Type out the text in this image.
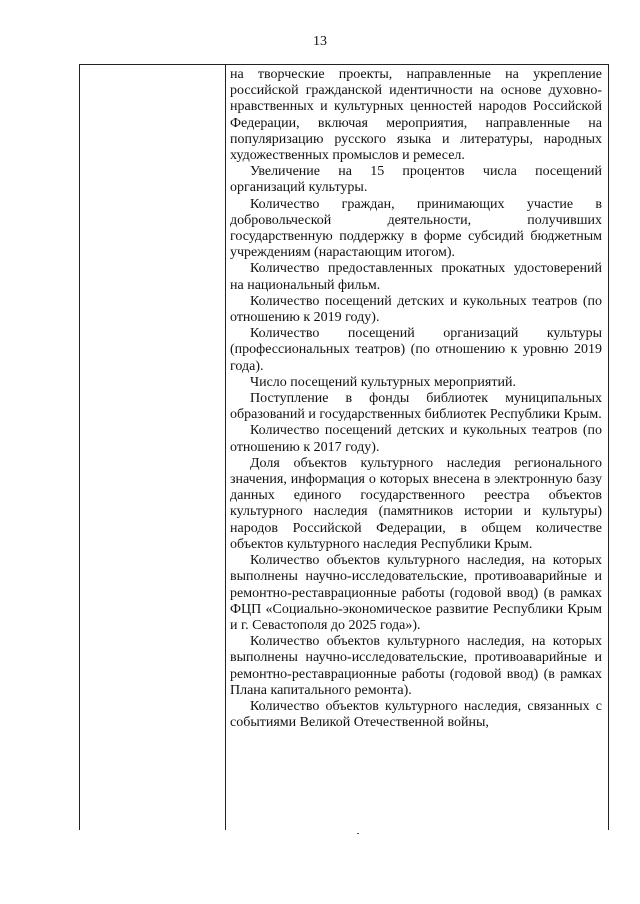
13

на творческие проекты, направленные на укрепление российской гражданской идентичности на основе духовно-нравственных и культурных ценностей народов Российской Федерации, включая мероприятия, направленные на популяризацию русского языка и литературы, народных художественных промыслов и ремесел.

Увеличение на 15 процентов числа посещений организаций культуры.

Количество граждан, принимающих участие в добровольческой деятельности, получивших государственную поддержку в форме субсидий бюджетным учреждениям (нарастающим итогом).

Количество предоставленных прокатных удостоверений на национальный фильм.

Количество посещений детских и кукольных театров (по отношению к 2019 году).

Количество посещений организаций культуры (профессиональных театров) (по отношению к уровню 2019 года).

Число посещений культурных мероприятий.

Поступление в фонды библиотек муниципальных образований и государственных библиотек Республики Крым.

Количество посещений детских и кукольных театров (по отношению к 2017 году).

Доля объектов культурного наследия регионального значения, информация о которых внесена в электронную базу данных единого государственного реестра объектов культурного наследия (памятников истории и культуры) народов Российской Федерации, в общем количестве объектов культурного наследия Республики Крым.

Количество объектов культурного наследия, на которых выполнены научно-исследовательские, противоаварийные и ремонтно-реставрационные работы (годовой ввод) (в рамках ФЦП «Социально-экономическое развитие Республики Крым и г. Севастополя до 2025 года»).

Количество объектов культурного наследия, на которых выполнены научно-исследовательские, противоаварийные и ремонтно-реставрационные работы (годовой ввод) (в рамках Плана капитального ремонта).

Количество объектов культурного наследия, связанных с событиями Великой Отечественной войны,
